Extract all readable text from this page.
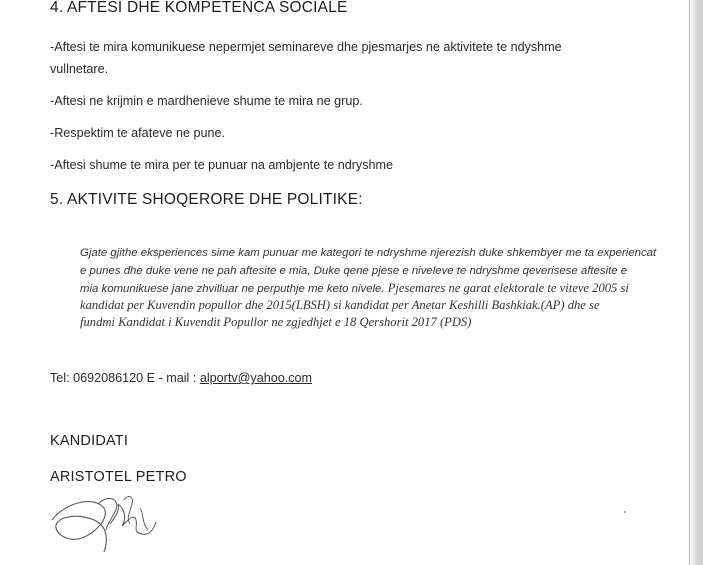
4. AFTESI DHE KOMPETENCA SOCIALE
-Aftesi te mira komunikuese nepermjet seminareve dhe pjesmarjes ne aktivitete te ndyshme
vullnetare.
-Aftesi ne krijmin e mardhenieve shume te mira ne grup.
-Respektim te afateve ne pune.
-Aftesi shume te mira per te punuar na ambjente te ndryshme
5. AKTIVITE SHOQERORE DHE POLITIKE:
Gjate gjithe eksperiences sime kam punuar me kategori te ndryshme njerezish duke shkembyer me ta experiencat
e punes dhe duke vene ne pah aftesite e mia, Duke qene pjese e niveleve te ndryshme qeverisese aftesite e
mia komunikuese jane zhvilluar ne perputhje me keto nivele. Pjesemares ne garat elektorale te viteve 2005 si
kandidat per Kuvendin popullor dhe 2015(LBSH) si kandidat per Anetar Keshilli Bashkiak.(AP) dhe se
fundmi Kandidat i Kuvendit Popullor ne zgjedhjet e 18 Qershorit 2017 (PDS)
Tel: 0692086120 E - mail : alportv@yahoo.com
KANDIDATI
ARISTOTEL PETRO
